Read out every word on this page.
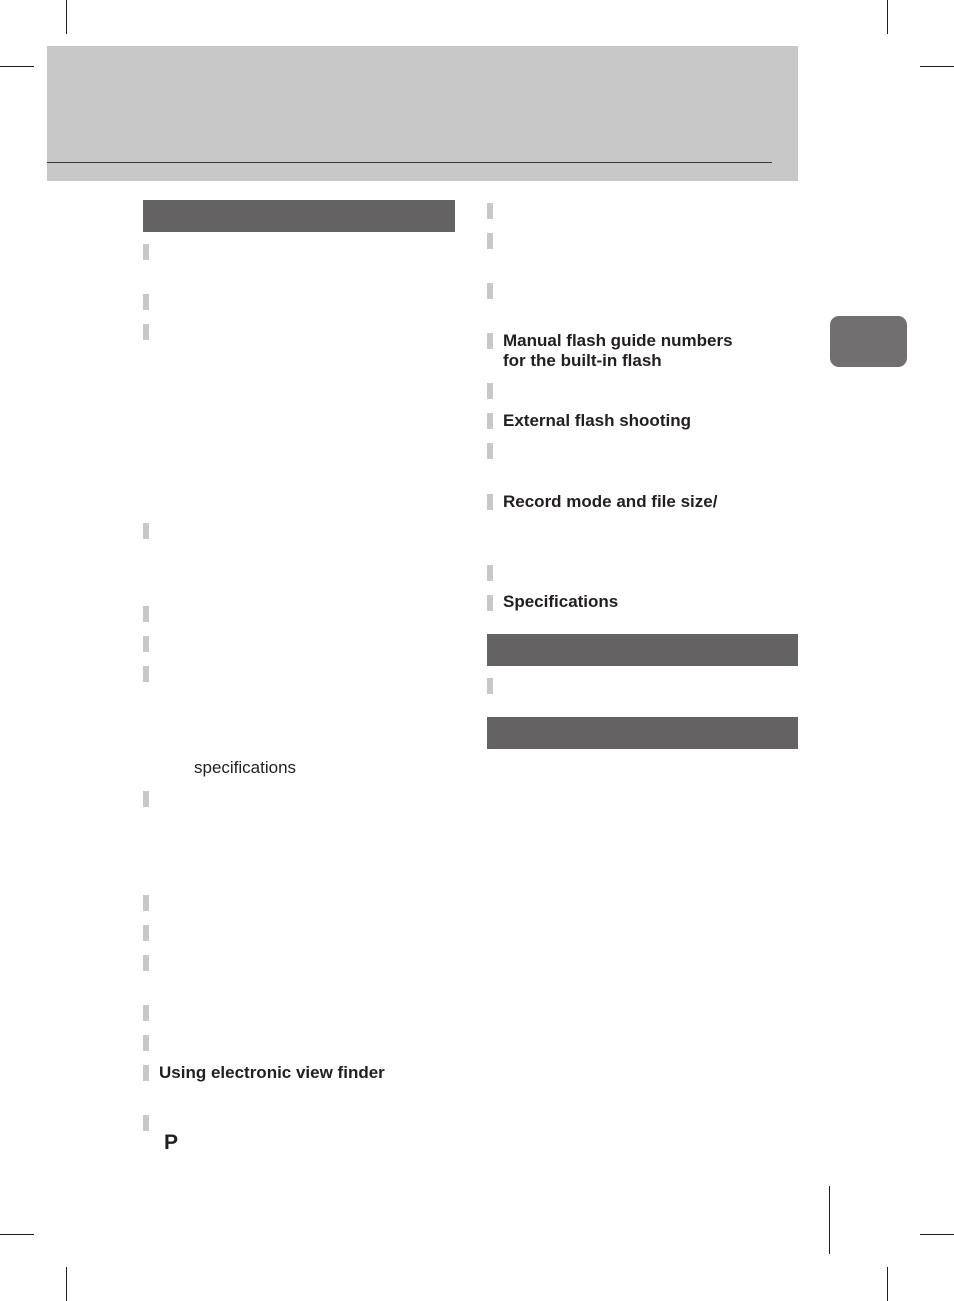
specifications
Using electronic view finder
P
Manual flash guide numbers
for the built-in flash
External flash shooting
Record mode and file size/
Specifications
